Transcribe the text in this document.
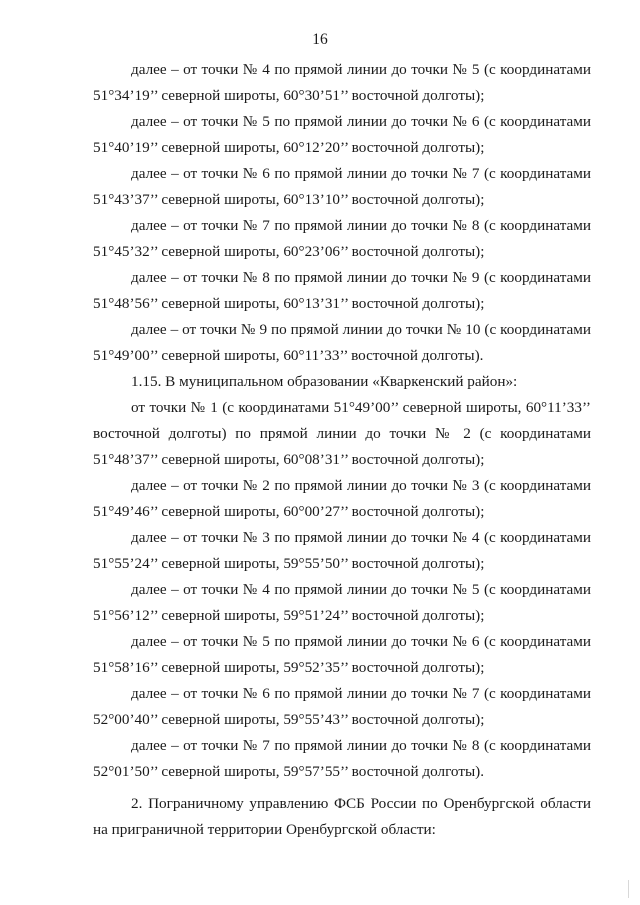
16

далее – от точки № 4 по прямой линии до точки № 5 (с координатами 51°34’19’’ северной широты, 60°30’51’’ восточной долготы);

далее – от точки № 5 по прямой линии до точки № 6 (с координатами 51°40’19’’ северной широты, 60°12’20’’ восточной долготы);

далее – от точки № 6 по прямой линии до точки № 7 (с координатами 51°43’37’’ северной широты, 60°13’10’’ восточной долготы);

далее – от точки № 7 по прямой линии до точки № 8 (с координатами 51°45’32’’ северной широты, 60°23’06’’ восточной долготы);

далее – от точки № 8 по прямой линии до точки № 9 (с координатами 51°48’56’’ северной широты, 60°13’31’’ восточной долготы);

далее – от точки № 9 по прямой линии до точки № 10 (с координатами 51°49’00’’ северной широты, 60°11’33’’ восточной долготы).

1.15. В муниципальном образовании «Кваркенский район»:

от точки № 1 (с координатами 51°49’00’’ северной широты, 60°11’33’’ восточной долготы) по прямой линии до точки № 2 (с координатами 51°48’37’’ северной широты, 60°08’31’’ восточной долготы);

далее – от точки № 2 по прямой линии до точки № 3 (с координатами 51°49’46’’ северной широты, 60°00’27’’ восточной долготы);

далее – от точки № 3 по прямой линии до точки № 4 (с координатами 51°55’24’’ северной широты, 59°55’50’’ восточной долготы);

далее – от точки № 4 по прямой линии до точки № 5 (с координатами 51°56’12’’ северной широты, 59°51’24’’ восточной долготы);

далее – от точки № 5 по прямой линии до точки № 6 (с координатами 51°58’16’’ северной широты, 59°52’35’’ восточной долготы);

далее – от точки № 6 по прямой линии до точки № 7 (с координатами 52°00’40’’ северной широты, 59°55’43’’ восточной долготы);

далее – от точки № 7 по прямой линии до точки № 8 (с координатами 52°01’50’’ северной широты, 59°57’55’’ восточной долготы).

2. Пограничному управлению ФСБ России по Оренбургской области на приграничной территории Оренбургской области:
